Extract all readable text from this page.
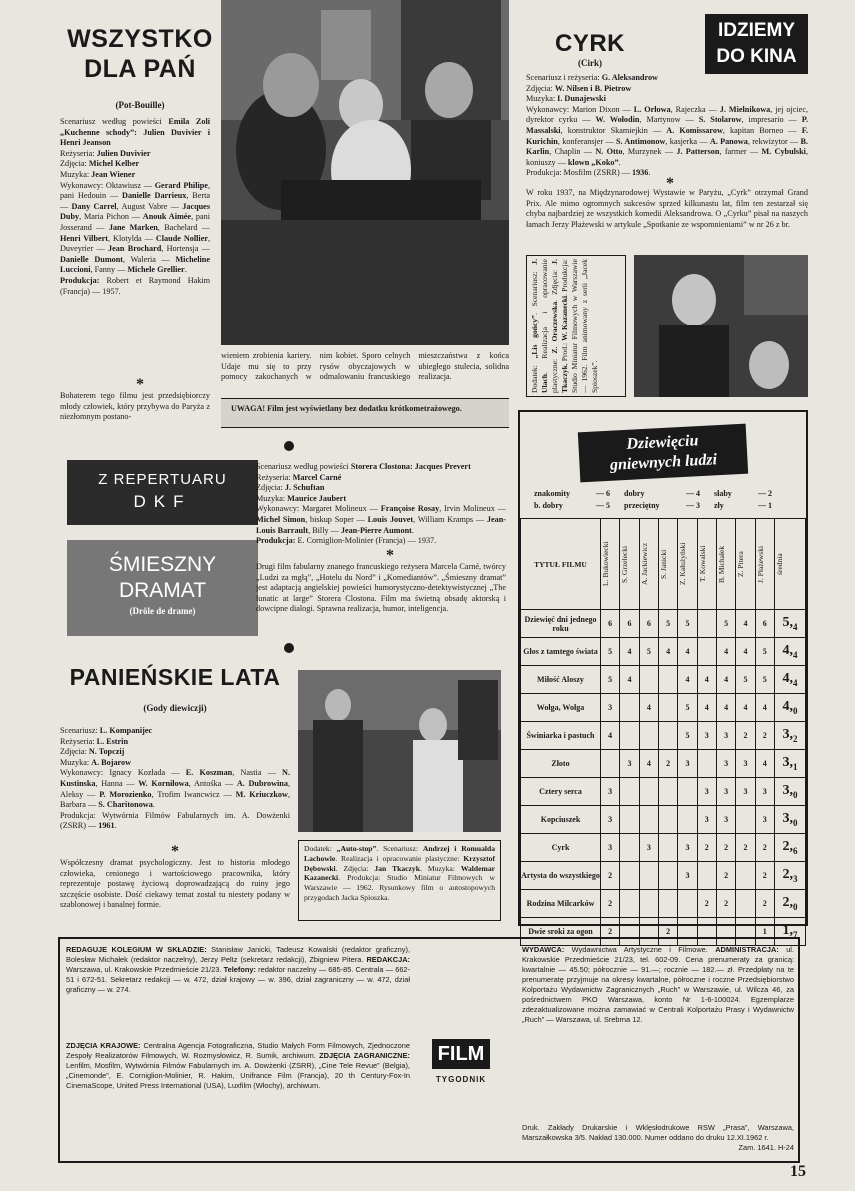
WSZYSTKO
DLA PAŃ
(Pot-Bouille)
Scenariusz według powieści Emila Zoli „Kuchenne schody”: Julien Duvivier i Henri Jeanson
Reżyseria: Julien Duvivier
Zdjęcia: Michel Kelber
Muzyka: Jean Wiener
Wykonawcy: Oktawiusz — Gerard Philipe, pani Hedouin — Danielle Darrieux, Berta — Dany Carrel, August Vabre — Jacques Duby, Maria Pichon — Anouk Aimée, pani Josserand — Jane Marken, Bachelard — Henri Vilbert, Klotylda — Claude Nollier, Duveyrier — Jean Brochard, Hortensja — Danielle Dumont, Waleria — Micheline Luccioni, Fanny — Michele Grellier.
Produkcja: Robert et Raymond Hakim (Francja) — 1957.
*
Bohaterem tego filmu jest przedsiębiorczy młody człowiek, który przybywa do Paryża z niezłomnym postano-
wieniem zrobienia kariery. Udaje mu się to przy pomocy zakochanych w nim kobiet. Sporo celnych rysów obyczajowych w odmalowaniu francuskiego mieszczaństwa z końca ubiegłego stulecia, solidna realizacja.
UWAGA! Film jest wyświetlany bez dodatku krótkometrażowego.
IDZIEMY
DO KINA
CYRK
(Cirk)
Scenariusz i reżyseria: G. Aleksandrow
Zdjęcia: W. Nilsen i B. Pietrow
Muzyka: I. Dunajewski
Wykonawcy: Marion Dixon — L. Orłowa, Rajeczka — J. Mielnikowa, jej ojciec, dyrektor cyrku — W. Wołodin, Martynow — S. Stolarow, impresario — P. Massalski, konstruktor Skamiejkin — A. Komissarow, kapitan Borneo — F. Kurichin, konferansjer — S. Antimonow, kasjerka — A. Panowa, rekwizytor — B. Karlin, Chaplin — N. Otto, Murzynek — J. Patterson, farmer — M. Cybulski, koniuszy — klown „Koko”.
Produkcja: Mosfilm (ZSRR) — 1936.
*
W roku 1937, na Międzynarodowej Wystawie w Paryżu, „Cyrk” otrzymał Grand Prix. Ale mimo ogromnych sukcesów sprzed kilkunastu lat, film ten zestarzał się chyba najbardziej ze wszystkich komedii Aleksandrowa. O „Cyrku” pisał na naszych łamach Jerzy Płażewski w artykule „Spotkanie ze wspomnieniami” w nr 26 z br.
Dodatek: „Lis gońcy”. Scenariusz: J. Ulach. Realizacja i opracowanie plastyczne: Z. Oraczewska. Zdjęcia: J. Tkaczyk, Prod.: W. Kazanecki. Produkcja: Studio Miniatur Filmowych w Warszawie — 1962. Film animowany z serii „Jacek Spioszek”.
Z REPERTUARU
DKF
ŚMIESZNY
DRAMAT
(Drôle de drame)
Scenariusz według powieści Storera Clostona: Jacques Prevert
Reżyseria: Marcel Carné
Zdjęcia: J. Schuftan
Muzyka: Maurice Jaubert
Wykonawcy: Margaret Molineux — Françoise Rosay, Irvin Molineux — Michel Simon, biskup Soper — Louis Jouvet, William Kramps — Jean-Louis Barrault, Billy — Jean-Pierre Aumont.
Produkcja: E. Corniglion-Molinier (Francja) — 1937.
*
Drugi film fabularny znanego francuskiego reżysera Marcela Carné, twórcy „Ludzi za mgłą”, „Hotelu du Nord” i „Komediantów”. „Śmieszny dramat” jest adaptacją angielskiej powieści humorystyczno-detektywistycznej „The lunatic at large” Storera Clostona. Film ma świetną obsadę aktorską i dowcipne dialogi. Sprawna realizacja, humor, inteligencja.
PANIEŃSKIE LATA
(Gody diewiczji)
Scenariusz: L. Kompanijec
Reżyseria: L. Estrin
Zdjęcia: N. Topczij
Muzyka: A. Bojarow
Wykonawcy: Ignacy Kozłada — E. Koszman, Nastia — N. Kustinska, Hanna — W. Korniłowa, Antośka — A. Dubrowina, Aleksy — P. Morozienko, Trofim Iwancwicz — M. Kriuczkow, Barbara — S. Charitonowa.
Produkcja: Wytwórnia Filmów Fabularnych im. A. Dowżenki (ZSRR) — 1961.
*
Współczesny dramat psychologiczny. Jest to historia młodego człowieka, cenionego i wartościowego pracownika, który reprezentuje postawę życiową doprowadzającą do ruiny jego szczęście osobiste. Dość ciekawy temat został tu niestety podany w szablonowej i banalnej formie.
Dodatek: „Auto-stop”. Scenariusz: Andrzej i Romualda Lachowie. Realizacja i opracowanie plastyczne: Krzysztof Dębowski. Zdjęcia: Jan Tkaczyk. Muzyka: Waldemar Kazanecki. Produkcja: Studio Miniatur Filmowych w Warszawie — 1962. Rysunkowy film o autostopowych przygodach Jacka Spioszka.
Dziewięciu
gniewnych ludzi
znakomity	— 6	dobry	— 4	słaby	— 2
b. dobry	— 5	przeciętny	— 3	zły	— 1
TYTUŁ FILMU	L. Bukowiecki	S. Grzelecki	A. Jackiewicz	S. Janicki	Z. Kałużyński	T. Kowalski	B. Michałek	Z. Pitera	J. Płażewski	średnia

Dziewięć dni jednego roku	6	6	6	5	5		5	4	6	$5,_4$
Głos z tamtego świata	5	4	5	4	4		4	4	5	$4,_4$
Miłość Aloszy	5	4			4	4	4	5	5	$4,_4$
Wołga, Wołga	3		4		5	4	4	4	4	$4,_0$
Świniarka i pastuch	4				5	3	3	2	2	$3,_2$
Złoto		3	4	2	3		3	3	4	$3,_1$
Cztery serca	3					3	3	3	3	$3,_0$
Kopciuszek	3					3	3		3	$3,_0$
Cyrk	3		3		3	2	2	2	2	$2,_6$
Artysta do wszystkiego	2				3		2		2	$2,_3$
Rodzina Milcarków	2					2	2		2	$2,_0$
Dwie sroki za ogon	2			2					1	$1,_7$
REDAGUJE KOLEGIUM W SKŁADZIE: Stanisław Janicki, Tadeusz Kowalski (redaktor graficzny), Bolesław Michałek (redaktor naczelny), Jerzy Peltz (sekretarz redakcji), Zbigniew Pitera. REDAKCJA: Warszawa, ul. Krakowskie Przedmieście 21/23. Telefony: redaktor naczelny — 685-85. Centrala — 662-51 i 672-51. Sekretarz redakcji — w. 472, dział krajowy — w. 396, dział zagraniczny — w. 472, dział graficzny — w. 274.
ZDJĘCIA KRAJOWE: Centralna Agencja Fotograficzna, Studio Małych Form Filmowych, Zjednoczone Zespoły Realizatorów Filmowych, W. Rozmysłowicz, R. Sumik, archiwum. ZDJĘCIA ZAGRANICZNE: Lenfilm, Mosfilm, Wytwórnia Filmów Fabularnych im. A. Dowżenki (ZSRR), „Cine Tele Revue” (Belgia), „Cinemonde”, E. Corniglion-Molinier, R. Hakim, Unifrance Film (Francja), 20 th Century-Fox-In CinemaScope, United Press International (USA), Luxfilm (Włochy), archiwum.
FILM
TYGODNIK
WYDAWCA: Wydawnictwa Artystyczne i Filmowe. ADMINISTRACJA: ul. Krakowskie Przedmieście 21/23, tel. 602-09. Cena prenumeraty za granicą: kwartalnie — 45.50; półrocznie — 91.—; rocznie — 182.— zł. Przedpłaty na te prenumeratę przyjmuje na okresy kwartalne, półroczne i roczne Przedsiębiorstwo Kolportażu Wydawnictw Zagranicznych „Ruch” w Warszawie, ul. Wilcza 46, za pośrednictwem PKO Warszawa, konto Nr 1-6-100024. Egzemplarze zdezaktualizowane można zamawiać w Centrali Kolportażu Prasy i Wydawnictw „Ruch” — Warszawa, ul. Srebrna 12.
Druk. Zakłady Drukarskie i Wklęsłodrukowe RSW „Prasa”, Warszawa, Marszałkowska 3/5. Nakład 130.000. Numer oddano do druku 12.XI.1962 r.
Zam. 1641. H-24
15
